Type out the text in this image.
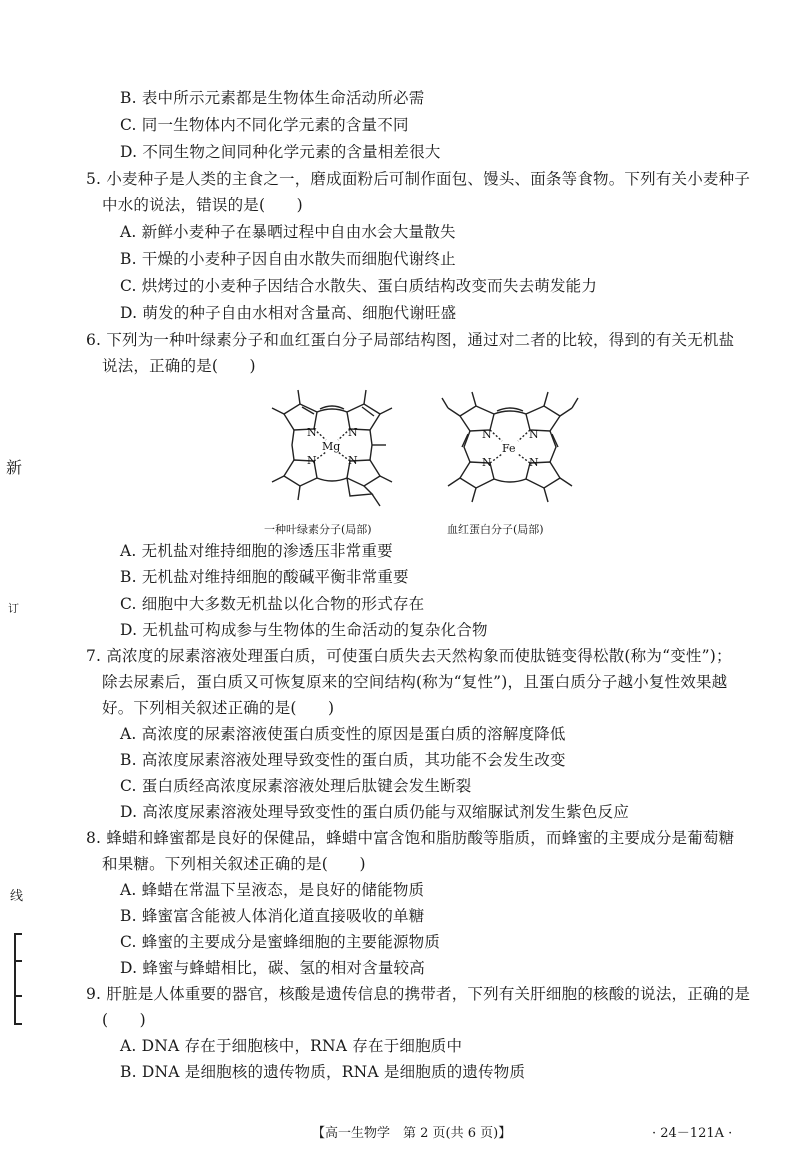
B. 表中所示元素都是生物体生命活动所必需
C. 同一生物体内不同化学元素的含量不同
D. 不同生物之间同种化学元素的含量相差很大
5. 小麦种子是人类的主食之一，磨成面粉后可制作面包、馒头、面条等食物。下列有关小麦种子
中水的说法，错误的是(　　)
A. 新鲜小麦种子在暴晒过程中自由水会大量散失
B. 干燥的小麦种子因自由水散失而细胞代谢终止
C. 烘烤过的小麦种子因结合水散失、蛋白质结构改变而失去萌发能力
D. 萌发的种子自由水相对含量高、细胞代谢旺盛
6. 下列为一种叶绿素分子和血红蛋白分子局部结构图，通过对二者的比较，得到的有关无机盐
说法，正确的是(　　)
N	N
N	N
Mg
N	N
N	N
Fe
一种叶绿素分子(局部)	血红蛋白分子(局部)
A. 无机盐对维持细胞的渗透压非常重要
B. 无机盐对维持细胞的酸碱平衡非常重要
C. 细胞中大多数无机盐以化合物的形式存在
D. 无机盐可构成参与生物体的生命活动的复杂化合物
7. 高浓度的尿素溶液处理蛋白质，可使蛋白质失去天然构象而使肽链变得松散(称为“变性”)；
除去尿素后，蛋白质又可恢复原来的空间结构(称为“复性”)，且蛋白质分子越小复性效果越
好。下列相关叙述正确的是(　　)
A. 高浓度的尿素溶液使蛋白质变性的原因是蛋白质的溶解度降低
B. 高浓度尿素溶液处理导致变性的蛋白质，其功能不会发生改变
C. 蛋白质经高浓度尿素溶液处理后肽键会发生断裂
D. 高浓度尿素溶液处理导致变性的蛋白质仍能与双缩脲试剂发生紫色反应
8. 蜂蜡和蜂蜜都是良好的保健品，蜂蜡中富含饱和脂肪酸等脂质，而蜂蜜的主要成分是葡萄糖
和果糖。下列相关叙述正确的是(　　)
A. 蜂蜡在常温下呈液态，是良好的储能物质
B. 蜂蜜富含能被人体消化道直接吸收的单糖
C. 蜂蜜的主要成分是蜜蜂细胞的主要能源物质
D. 蜂蜜与蜂蜡相比，碳、氢的相对含量较高
9. 肝脏是人体重要的器官，核酸是遗传信息的携带者，下列有关肝细胞的核酸的说法，正确的是
(　　)
A. DNA 存在于细胞核中，RNA 存在于细胞质中
B. DNA 是细胞核的遗传物质，RNA 是细胞质的遗传物质
新
订
线
【高一生物学　第 2 页(共 6 页)】	· 24－121A ·
